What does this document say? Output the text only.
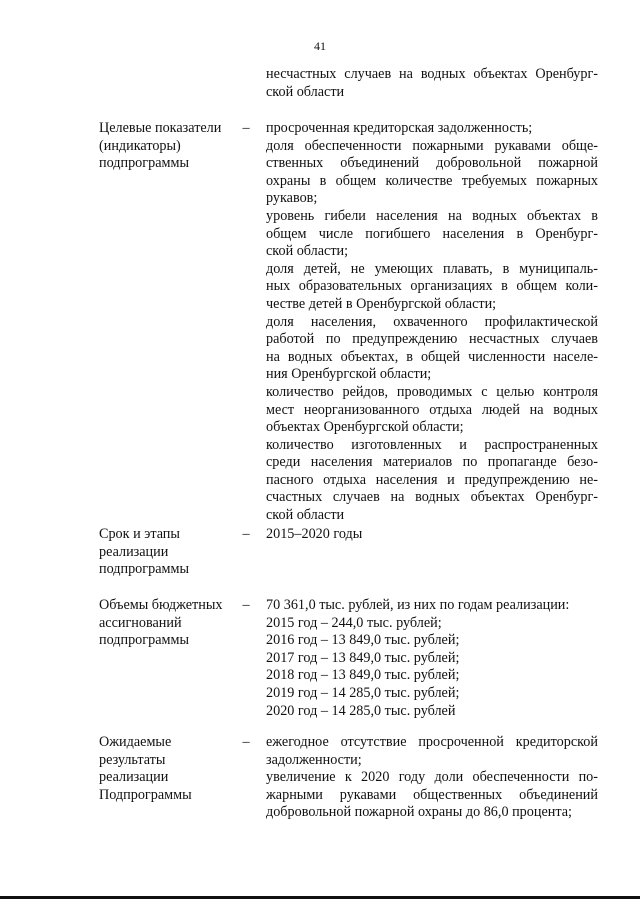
41
несчастных случаев на водных объектах Оренбург-
ской области
Целевые показатели
(индикаторы)
подпрограммы
– просроченная кредиторская задолженность;
доля обеспеченности пожарными рукавами обще-
ственных объединений добровольной пожарной
охраны в общем количестве требуемых пожарных
рукавов;
уровень гибели населения на водных объектах в
общем числе погибшего населения в Оренбург-
ской области;
доля детей, не умеющих плавать, в муниципаль-
ных образовательных организациях в общем коли-
честве детей в Оренбургской области;
доля населения, охваченного профилактической
работой по предупреждению несчастных случаев
на водных объектах, в общей численности населе-
ния Оренбургской области;
количество рейдов, проводимых с целью контроля
мест неорганизованного отдыха людей на водных
объектах Оренбургской области;
количество изготовленных и распространенных
среди населения материалов по пропаганде безо-
пасного отдыха населения и предупреждению не-
счастных случаев на водных объектах Оренбург-
ской области
Срок и этапы
реализации
подпрограммы
– 2015–2020 годы
Объемы бюджетных
ассигнований
подпрограммы
– 70 361,0 тыс. рублей, из них по годам реализации:
2015 год – 244,0 тыс. рублей;
2016 год – 13 849,0 тыс. рублей;
2017 год – 13 849,0 тыс. рублей;
2018 год – 13 849,0 тыс. рублей;
2019 год – 14 285,0 тыс. рублей;
2020 год – 14 285,0 тыс. рублей
Ожидаемые
результаты
реализации
Подпрограммы
– ежегодное отсутствие просроченной кредиторской
задолженности;
увеличение к 2020 году доли обеспеченности по-
жарными рукавами общественных объединений
добровольной пожарной охраны до 86,0 процента;
